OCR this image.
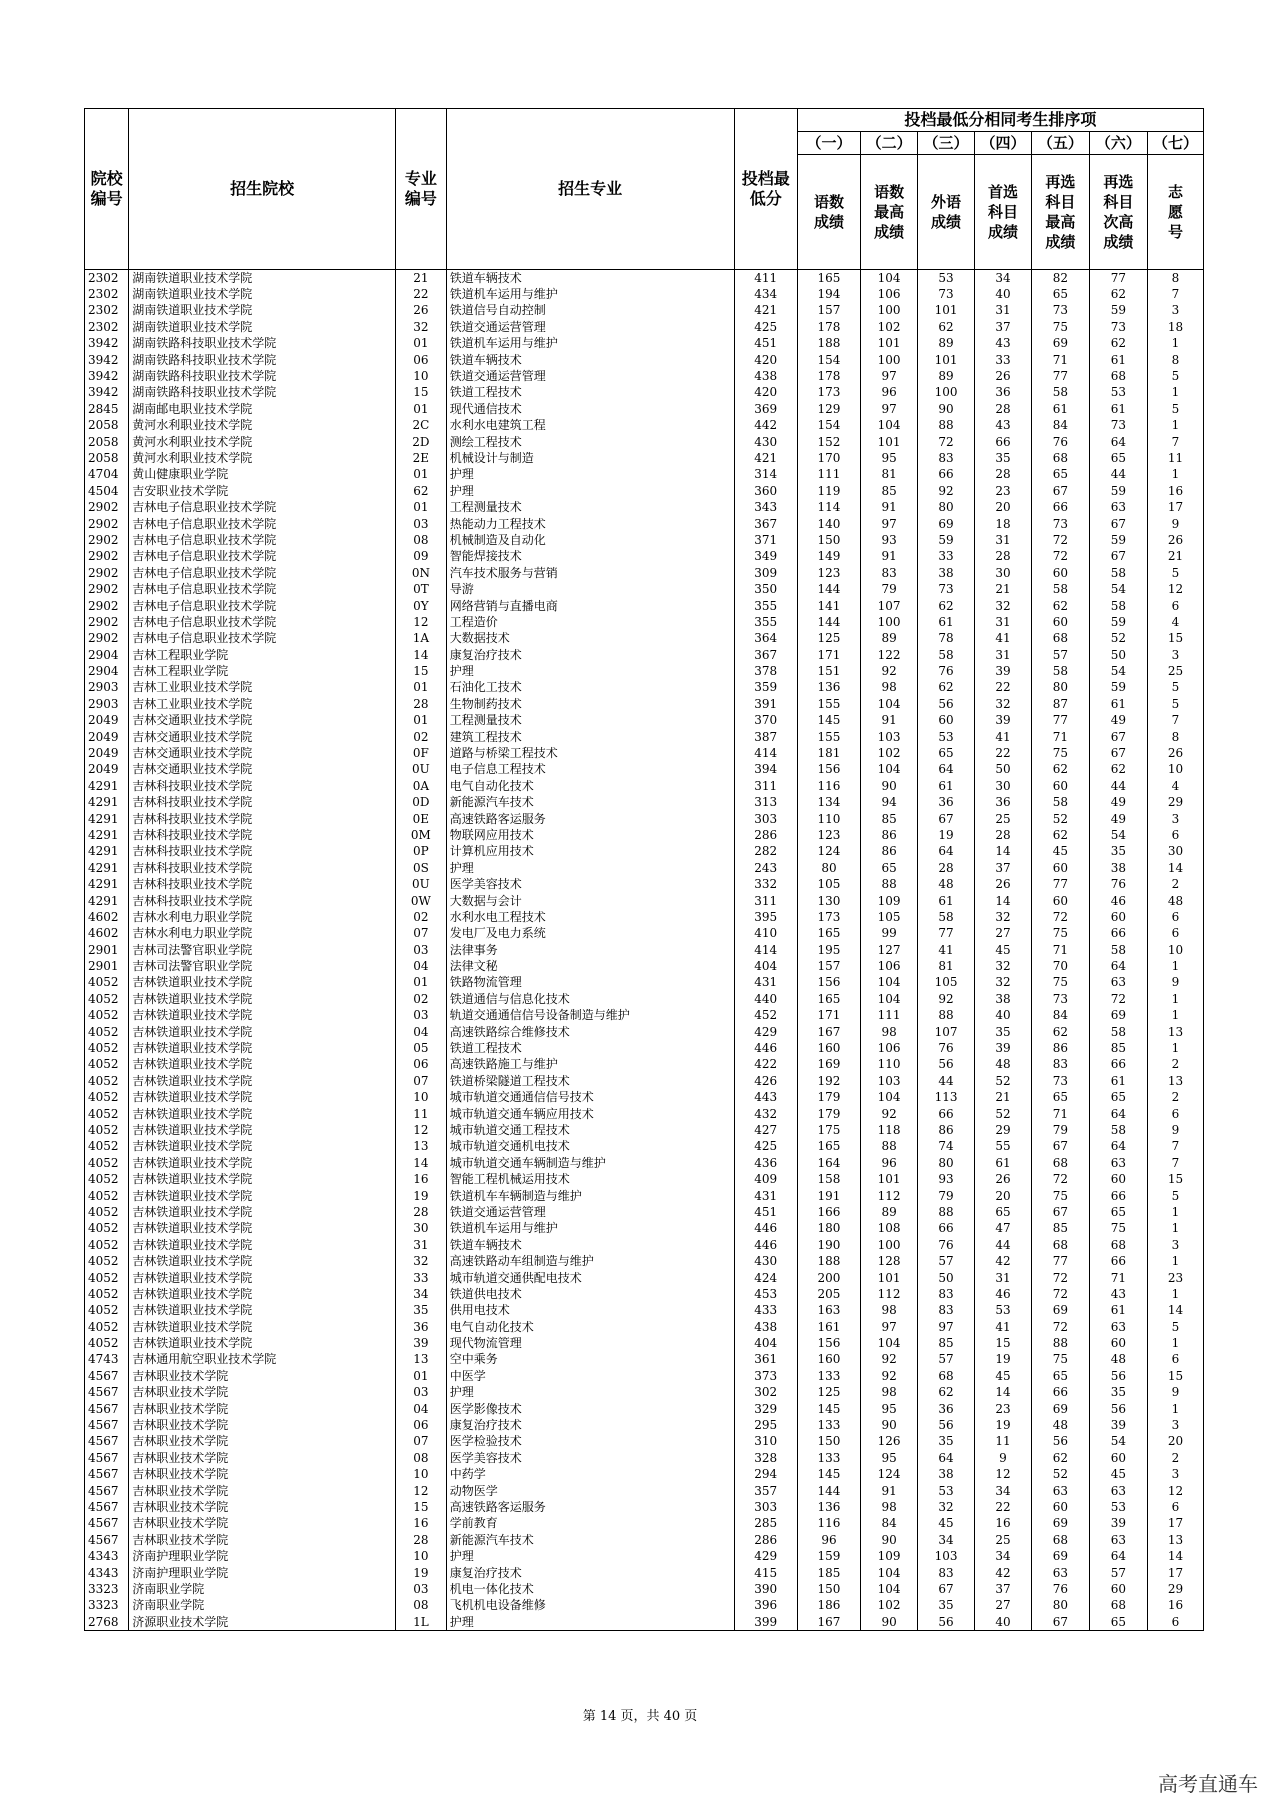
院校编号	招生院校	专业编号	招生专业	投档最低分	投档最低分相同考生排序项						
					（一）	（二）	（三）	（四）	（五）	（六）	（七）
					语数成绩	语数最高成绩	外语成绩	首选科目成绩	再选科目最高成绩	再选科目次高成绩	志愿号
2302	湖南铁道职业技术学院	21	铁道车辆技术	411	165	104	53	34	82	77	8
2302	湖南铁道职业技术学院	22	铁道机车运用与维护	434	194	106	73	40	65	62	7
2302	湖南铁道职业技术学院	26	铁道信号自动控制	421	157	100	101	31	73	59	3
2302	湖南铁道职业技术学院	32	铁道交通运营管理	425	178	102	62	37	75	73	18
3942	湖南铁路科技职业技术学院	01	铁道机车运用与维护	451	188	101	89	43	69	62	1
3942	湖南铁路科技职业技术学院	06	铁道车辆技术	420	154	100	101	33	71	61	8
3942	湖南铁路科技职业技术学院	10	铁道交通运营管理	438	178	97	89	26	77	68	5
3942	湖南铁路科技职业技术学院	15	铁道工程技术	420	173	96	100	36	58	53	1
2845	湖南邮电职业技术学院	01	现代通信技术	369	129	97	90	28	61	61	5
2058	黄河水利职业技术学院	2C	水利水电建筑工程	442	154	104	88	43	84	73	1
2058	黄河水利职业技术学院	2D	测绘工程技术	430	152	101	72	66	76	64	7
2058	黄河水利职业技术学院	2E	机械设计与制造	421	170	95	83	35	68	65	11
4704	黄山健康职业学院	01	护理	314	111	81	66	28	65	44	1
4504	吉安职业技术学院	62	护理	360	119	85	92	23	67	59	16
2902	吉林电子信息职业技术学院	01	工程测量技术	343	114	91	80	20	66	63	17
2902	吉林电子信息职业技术学院	03	热能动力工程技术	367	140	97	69	18	73	67	9
2902	吉林电子信息职业技术学院	08	机械制造及自动化	371	150	93	59	31	72	59	26
2902	吉林电子信息职业技术学院	09	智能焊接技术	349	149	91	33	28	72	67	21
2902	吉林电子信息职业技术学院	0N	汽车技术服务与营销	309	123	83	38	30	60	58	5
2902	吉林电子信息职业技术学院	0T	导游	350	144	79	73	21	58	54	12
2902	吉林电子信息职业技术学院	0Y	网络营销与直播电商	355	141	107	62	32	62	58	6
2902	吉林电子信息职业技术学院	12	工程造价	355	144	100	61	31	60	59	4
2902	吉林电子信息职业技术学院	1A	大数据技术	364	125	89	78	41	68	52	15
2904	吉林工程职业学院	14	康复治疗技术	367	171	122	58	31	57	50	3
2904	吉林工程职业学院	15	护理	378	151	92	76	39	58	54	25
2903	吉林工业职业技术学院	01	石油化工技术	359	136	98	62	22	80	59	5
2903	吉林工业职业技术学院	28	生物制药技术	391	155	104	56	32	87	61	5
2049	吉林交通职业技术学院	01	工程测量技术	370	145	91	60	39	77	49	7
2049	吉林交通职业技术学院	02	建筑工程技术	387	155	103	53	41	71	67	8
2049	吉林交通职业技术学院	0F	道路与桥梁工程技术	414	181	102	65	22	75	67	26
2049	吉林交通职业技术学院	0U	电子信息工程技术	394	156	104	64	50	62	62	10
4291	吉林科技职业技术学院	0A	电气自动化技术	311	116	90	61	30	60	44	4
4291	吉林科技职业技术学院	0D	新能源汽车技术	313	134	94	36	36	58	49	29
4291	吉林科技职业技术学院	0E	高速铁路客运服务	303	110	85	67	25	52	49	3
4291	吉林科技职业技术学院	0M	物联网应用技术	286	123	86	19	28	62	54	6
4291	吉林科技职业技术学院	0P	计算机应用技术	282	124	86	64	14	45	35	30
4291	吉林科技职业技术学院	0S	护理	243	80	65	28	37	60	38	14
4291	吉林科技职业技术学院	0U	医学美容技术	332	105	88	48	26	77	76	2
4291	吉林科技职业技术学院	0W	大数据与会计	311	130	109	61	14	60	46	48
4602	吉林水利电力职业学院	02	水利水电工程技术	395	173	105	58	32	72	60	6
4602	吉林水利电力职业学院	07	发电厂及电力系统	410	165	99	77	27	75	66	6
2901	吉林司法警官职业学院	03	法律事务	414	195	127	41	45	71	58	10
2901	吉林司法警官职业学院	04	法律文秘	404	157	106	81	32	70	64	1
4052	吉林铁道职业技术学院	01	铁路物流管理	431	156	104	105	32	75	63	9
4052	吉林铁道职业技术学院	02	铁道通信与信息化技术	440	165	104	92	38	73	72	1
4052	吉林铁道职业技术学院	03	轨道交通通信信号设备制造与维护	452	171	111	88	40	84	69	1
4052	吉林铁道职业技术学院	04	高速铁路综合维修技术	429	167	98	107	35	62	58	13
4052	吉林铁道职业技术学院	05	铁道工程技术	446	160	106	76	39	86	85	1
4052	吉林铁道职业技术学院	06	高速铁路施工与维护	422	169	110	56	48	83	66	2
4052	吉林铁道职业技术学院	07	铁道桥梁隧道工程技术	426	192	103	44	52	73	61	13
4052	吉林铁道职业技术学院	10	城市轨道交通通信信号技术	443	179	104	113	21	65	65	2
4052	吉林铁道职业技术学院	11	城市轨道交通车辆应用技术	432	179	92	66	52	71	64	6
4052	吉林铁道职业技术学院	12	城市轨道交通工程技术	427	175	118	86	29	79	58	9
4052	吉林铁道职业技术学院	13	城市轨道交通机电技术	425	165	88	74	55	67	64	7
4052	吉林铁道职业技术学院	14	城市轨道交通车辆制造与维护	436	164	96	80	61	68	63	7
4052	吉林铁道职业技术学院	16	智能工程机械运用技术	409	158	101	93	26	72	60	15
4052	吉林铁道职业技术学院	19	铁道机车车辆制造与维护	431	191	112	79	20	75	66	5
4052	吉林铁道职业技术学院	28	铁道交通运营管理	451	166	89	88	65	67	65	1
4052	吉林铁道职业技术学院	30	铁道机车运用与维护	446	180	108	66	47	85	75	1
4052	吉林铁道职业技术学院	31	铁道车辆技术	446	190	100	76	44	68	68	3
4052	吉林铁道职业技术学院	32	高速铁路动车组制造与维护	430	188	128	57	42	77	66	1
4052	吉林铁道职业技术学院	33	城市轨道交通供配电技术	424	200	101	50	31	72	71	23
4052	吉林铁道职业技术学院	34	铁道供电技术	453	205	112	83	46	72	43	1
4052	吉林铁道职业技术学院	35	供用电技术	433	163	98	83	53	69	61	14
4052	吉林铁道职业技术学院	36	电气自动化技术	438	161	97	97	41	72	63	5
4052	吉林铁道职业技术学院	39	现代物流管理	404	156	104	85	15	88	60	1
4743	吉林通用航空职业技术学院	13	空中乘务	361	160	92	57	19	75	48	6
4567	吉林职业技术学院	01	中医学	373	133	92	68	45	65	56	15
4567	吉林职业技术学院	03	护理	302	125	98	62	14	66	35	9
4567	吉林职业技术学院	04	医学影像技术	329	145	95	36	23	69	56	1
4567	吉林职业技术学院	06	康复治疗技术	295	133	90	56	19	48	39	3
4567	吉林职业技术学院	07	医学检验技术	310	150	126	35	11	56	54	20
4567	吉林职业技术学院	08	医学美容技术	328	133	95	64	9	62	60	2
4567	吉林职业技术学院	10	中药学	294	145	124	38	12	52	45	3
4567	吉林职业技术学院	12	动物医学	357	144	91	53	34	63	63	12
4567	吉林职业技术学院	15	高速铁路客运服务	303	136	98	32	22	60	53	6
4567	吉林职业技术学院	16	学前教育	285	116	84	45	16	69	39	17
4567	吉林职业技术学院	28	新能源汽车技术	286	96	90	34	25	68	63	13
4343	济南护理职业学院	10	护理	429	159	109	103	34	69	64	14
4343	济南护理职业学院	19	康复治疗技术	415	185	104	83	42	63	57	17
3323	济南职业学院	03	机电一体化技术	390	150	104	67	37	76	60	29
3323	济南职业学院	08	飞机机电设备维修	396	186	102	35	27	80	68	16
2768	济源职业技术学院	1L	护理	399	167	90	56	40	67	65	6
第 14 页，共 40 页
高考直通车
